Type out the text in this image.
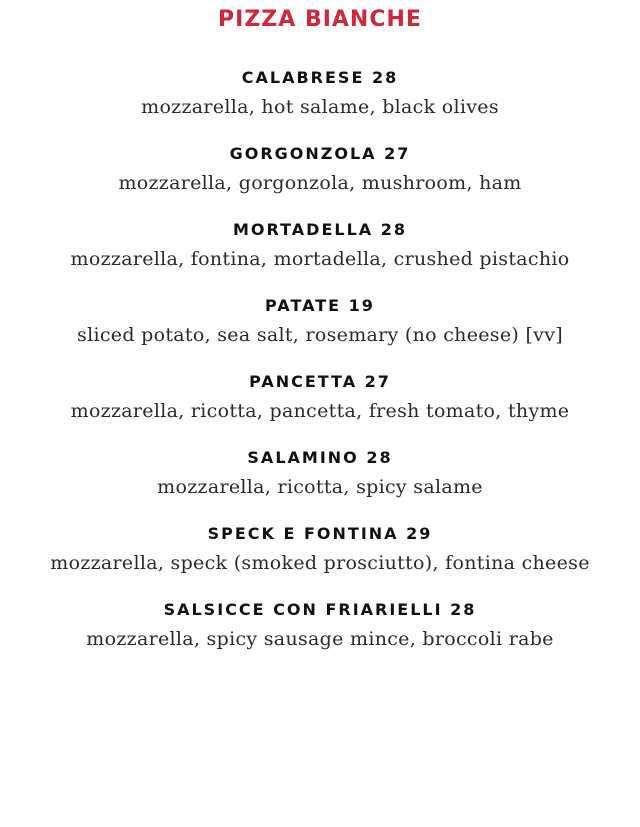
PIZZA BIANCHE

CALABRESE 28

mozzarella, hot salame, black olives

GORGONZOLA 27

mozzarella, gorgonzola, mushroom, ham

MORTADELLA 28

mozzarella, fontina, mortadella, crushed pistachio

PATATE 19

sliced potato, sea salt, rosemary (no cheese) [vv]

PANCETTA 27

mozzarella, ricotta, pancetta, fresh tomato, thyme

SALAMINO 28

mozzarella, ricotta, spicy salame

SPECK E FONTINA 29

mozzarella, speck (smoked prosciutto), fontina cheese

SALSICCE CON FRIARIELLI 28

mozzarella, spicy sausage mince, broccoli rabe
